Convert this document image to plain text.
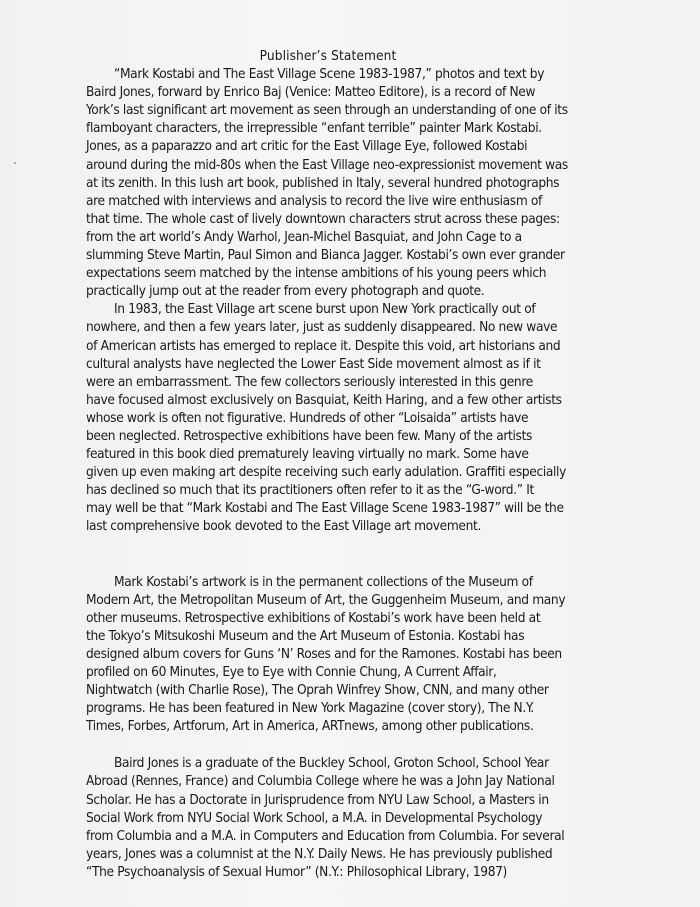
Publisher’s Statement
“Mark Kostabi and The East Village Scene 1983-1987,” photos and text by
Baird Jones, forward by Enrico Baj (Venice: Matteo Editore), is a record of New
York’s last significant art movement as seen through an understanding of one of its
flamboyant characters, the irrepressible “enfant terrible” painter Mark Kostabi.
Jones, as a paparazzo and art critic for the East Village Eye, followed Kostabi
around during the mid-80s when the East Village neo-expressionist movement was
at its zenith. In this lush art book, published in Italy, several hundred photographs
are matched with interviews and analysis to record the live wire enthusiasm of
that time. The whole cast of lively downtown characters strut across these pages:
from the art world’s Andy Warhol, Jean-Michel Basquiat, and John Cage to a
slumming Steve Martin, Paul Simon and Bianca Jagger. Kostabi’s own ever grander
expectations seem matched by the intense ambitions of his young peers which
practically jump out at the reader from every photograph and quote.
In 1983, the East Village art scene burst upon New York practically out of
nowhere, and then a few years later, just as suddenly disappeared. No new wave
of American artists has emerged to replace it. Despite this void, art historians and
cultural analysts have neglected the Lower East Side movement almost as if it
were an embarrassment. The few collectors seriously interested in this genre
have focused almost exclusively on Basquiat, Keith Haring, and a few other artists
whose work is often not figurative. Hundreds of other “Loisaida” artists have
been neglected. Retrospective exhibitions have been few. Many of the artists
featured in this book died prematurely leaving virtually no mark. Some have
given up even making art despite receiving such early adulation. Graffiti especially
has declined so much that its practitioners often refer to it as the “G-word.” It
may well be that “Mark Kostabi and The East Village Scene 1983-1987” will be the
last comprehensive book devoted to the East Village art movement.
Mark Kostabi’s artwork is in the permanent collections of the Museum of
Modern Art, the Metropolitan Museum of Art, the Guggenheim Museum, and many
other museums. Retrospective exhibitions of Kostabi’s work have been held at
the Tokyo’s Mitsukoshi Museum and the Art Museum of Estonia. Kostabi has
designed album covers for Guns ‘N’ Roses and for the Ramones. Kostabi has been
profiled on 60 Minutes, Eye to Eye with Connie Chung, A Current Affair,
Nightwatch (with Charlie Rose), The Oprah Winfrey Show, CNN, and many other
programs. He has been featured in New York Magazine (cover story), The N.Y.
Times, Forbes, Artforum, Art in America, ARTnews, among other publications.
Baird Jones is a graduate of the Buckley School, Groton School, School Year
Abroad (Rennes, France) and Columbia College where he was a John Jay National
Scholar. He has a Doctorate in Jurisprudence from NYU Law School, a Masters in
Social Work from NYU Social Work School, a M.A. in Developmental Psychology
from Columbia and a M.A. in Computers and Education from Columbia. For several
years, Jones was a columnist at the N.Y. Daily News. He has previously published
“The Psychoanalysis of Sexual Humor” (N.Y.: Philosophical Library, 1987)
